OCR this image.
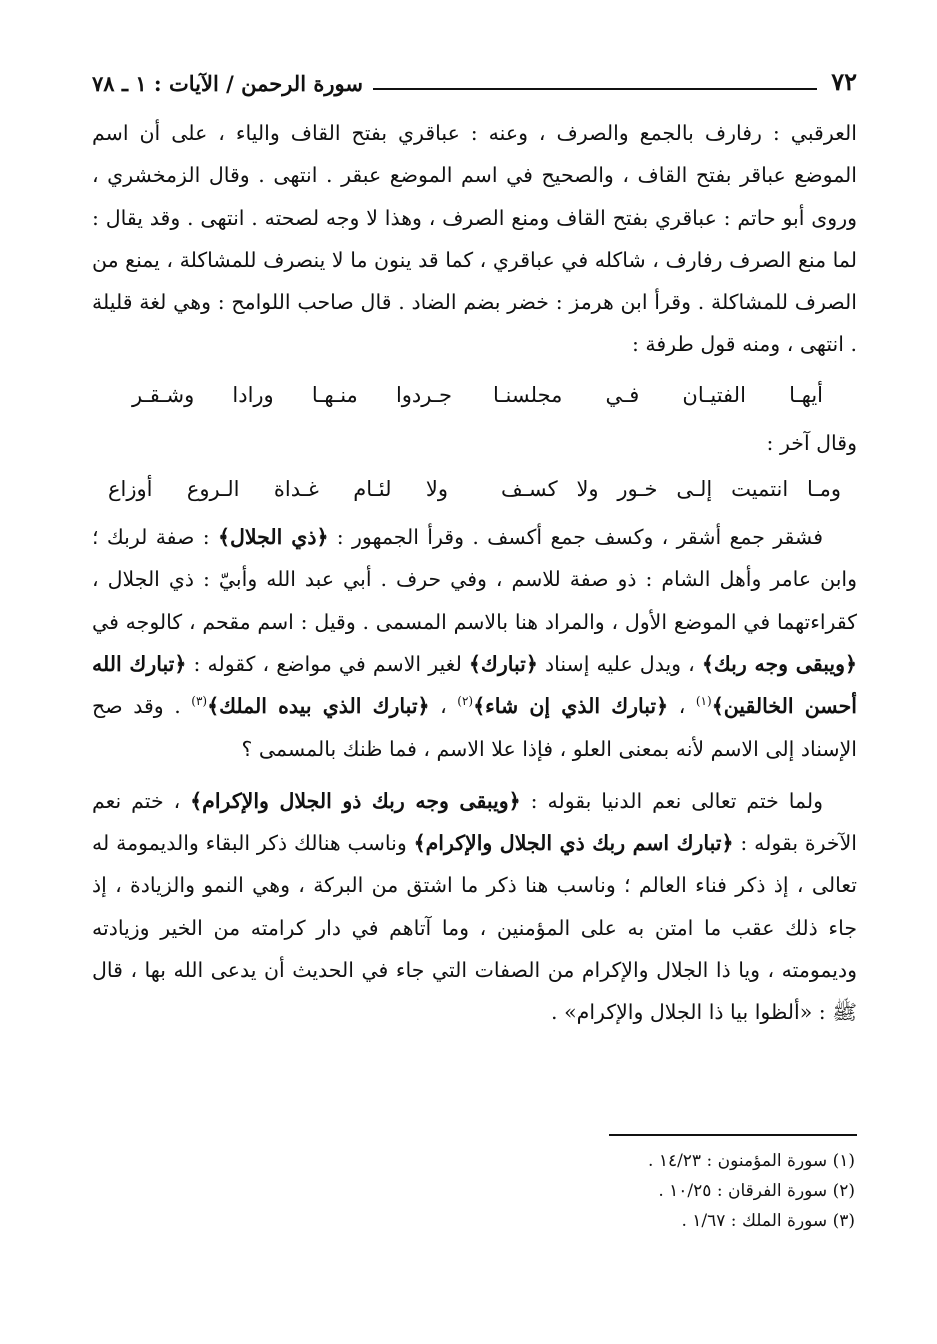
٧٢
سورة الرحمن / الآيات : ١ ـ ٧٨

العرقبي : رفارف بالجمع والصرف ، وعنه : عباقري بفتح القاف والياء ، على أن اسم الموضع عباقر بفتح القاف ، والصحيح في اسم الموضع عبقر . انتهى . وقال الزمخشري ، وروى أبو حاتم : عباقري بفتح القاف ومنع الصرف ، وهذا لا وجه لصحته . انتهى . وقد يقال : لما منع الصرف رفارف ، شاكله في عباقري ، كما قد ينون ما لا ينصرف للمشاكلة ، يمنع من الصرف للمشاكلة . وقرأ ابن هرمز : خضر بضم الضاد . قال صاحب اللوامح : وهي لغة قليلة . انتهى ، ومنه قول طرفة :

أيهـا الفتيـان فـي مجلسنـا
جـردوا منـهـا ورادا وشـقـر

وقال آخر :

ومـا انتميت إلـى خـور ولا كسـف
ولا لئـام غـداة الـروع أوزاع

فشقر جمع أشقر ، وكسف جمع أكسف . وقرأ الجمهور : ﴿ذي الجلال﴾ : صفة لربك ؛ وابن عامر وأهل الشام : ذو صفة للاسم ، وفي حرف . أبي عبد الله وأبيّ : ذي الجلال ، كقراءتهما في الموضع الأول ، والمراد هنا بالاسم المسمى . وقيل : اسم مقحم ، كالوجه في ﴿ويبقى وجه ربك﴾ ، ويدل عليه إسناد ﴿تبارك﴾ لغير الاسم في مواضع ، كقوله : ﴿تبارك الله أحسن الخالقين﴾$^{(١)}$ ، ﴿تبارك الذي إن شاء﴾$^{(٢)}$ ، ﴿تبارك الذي بيده الملك﴾$^{(٣)}$ . وقد صح الإسناد إلى الاسم لأنه بمعنى العلو ، فإذا علا الاسم ، فما ظنك بالمسمى ؟

ولما ختم تعالى نعم الدنيا بقوله : ﴿ويبقى وجه ربك ذو الجلال والإكرام﴾ ، ختم نعم الآخرة بقوله : ﴿تبارك اسم ربك ذي الجلال والإكرام﴾ وناسب هنالك ذكر البقاء والديمومة له تعالى ، إذ ذكر فناء العالم ؛ وناسب هنا ذكر ما اشتق من البركة ، وهي النمو والزيادة ، إذ جاء ذلك عقب ما امتن به على المؤمنين ، وما آتاهم في دار كرامته من الخير وزيادته وديمومته ، ويا ذا الجلال والإكرام من الصفات التي جاء في الحديث أن يدعى الله بها ، قال ﷺ : «ألظوا بيا ذا الجلال والإكرام» .

(١) سورة المؤمنون : ١٤/٢٣ .
(٢) سورة الفرقان : ١٠/٢٥ .
(٣) سورة الملك : ١/٦٧ .
